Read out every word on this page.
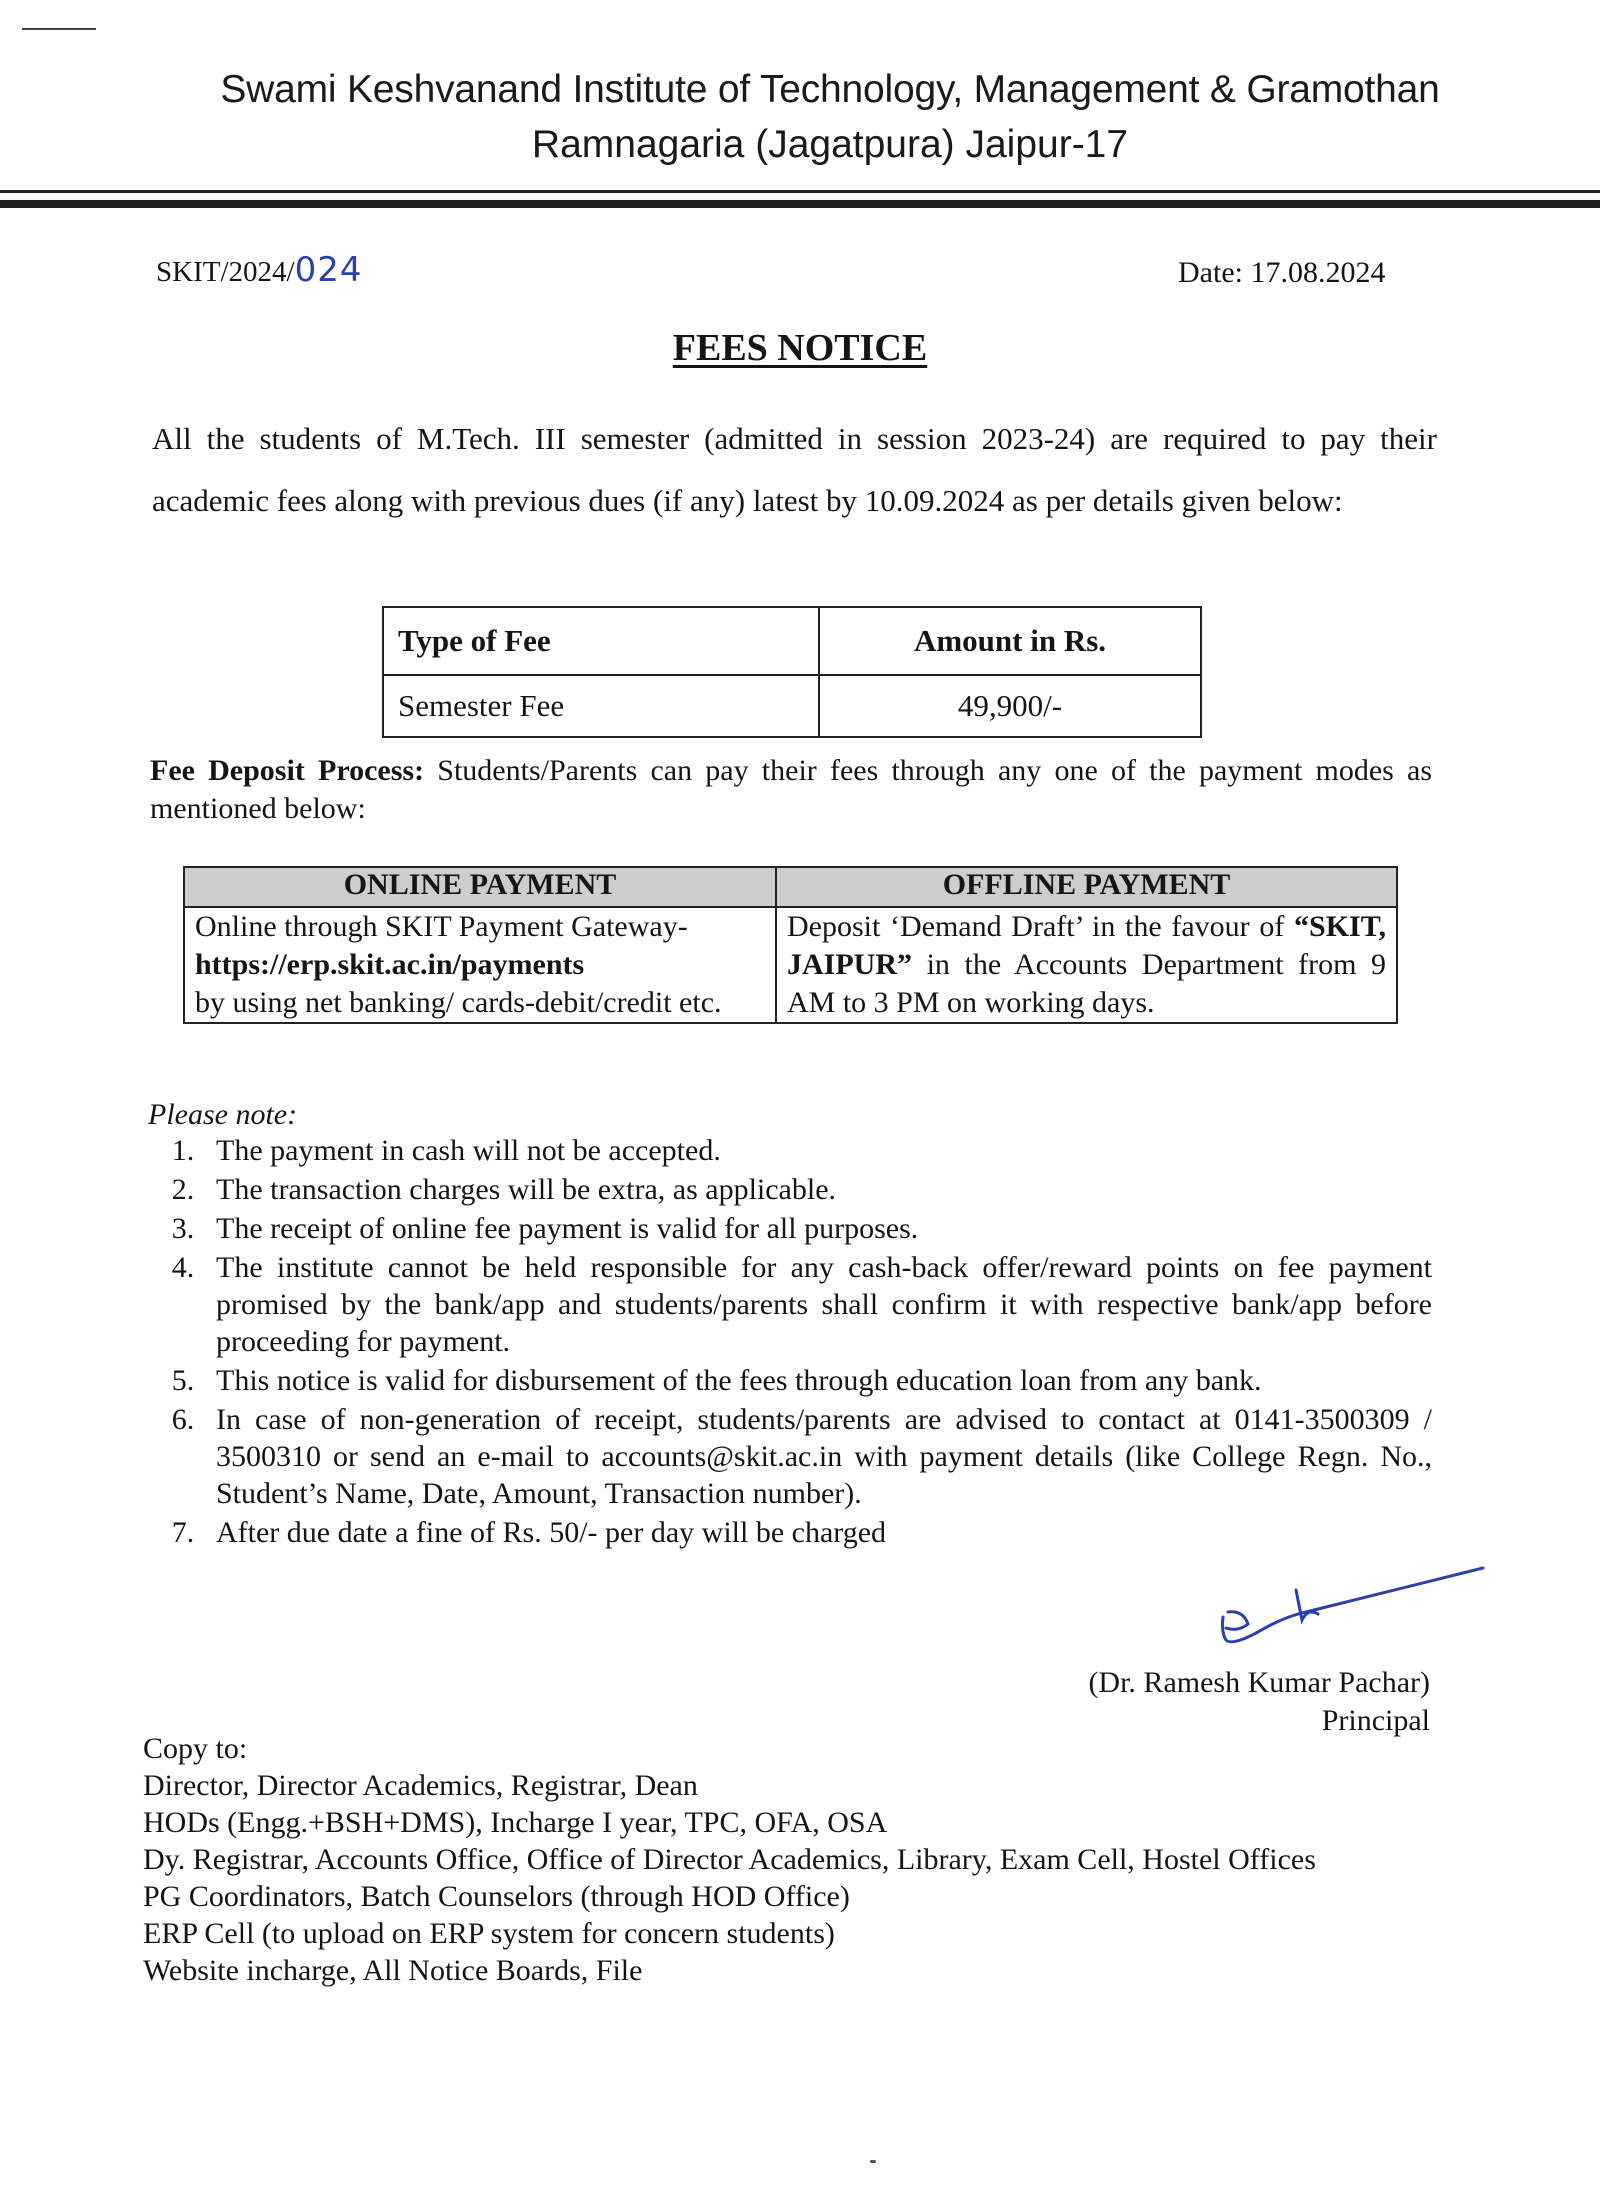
Swami Keshvanand Institute of Technology, Management & Gramothan
Ramnagaria (Jagatpura) Jaipur-17
SKIT/2024/024	Date: 17.08.2024
FEES NOTICE
All the students of M.Tech. III semester (admitted in session 2023-24) are required to pay their academic fees along with previous dues (if any) latest by 10.09.2024 as per details given below:
Type of Fee	Amount in Rs.
Semester Fee	49,900/-
Fee Deposit Process: Students/Parents can pay their fees through any one of the payment modes as mentioned below:
ONLINE PAYMENT	OFFLINE PAYMENT
Online through SKIT Payment Gateway-
https://erp.skit.ac.in/payments
by using net banking/ cards-debit/credit etc.	Deposit ‘Demand Draft’ in the favour of “SKIT, JAIPUR” in the Accounts Department from 9 AM to 3 PM on working days.
Please note:
1. The payment in cash will not be accepted.
2. The transaction charges will be extra, as applicable.
3. The receipt of online fee payment is valid for all purposes.
4. The institute cannot be held responsible for any cash-back offer/reward points on fee payment promised by the bank/app and students/parents shall confirm it with respective bank/app before proceeding for payment.
5. This notice is valid for disbursement of the fees through education loan from any bank.
6. In case of non-generation of receipt, students/parents are advised to contact at 0141-3500309 / 3500310 or send an e-mail to accounts@skit.ac.in with payment details (like College Regn. No., Student’s Name, Date, Amount, Transaction number).
7. After due date a fine of Rs. 50/- per day will be charged
(Dr. Ramesh Kumar Pachar)
Principal
Copy to:
Director, Director Academics, Registrar, Dean
HODs (Engg.+BSH+DMS), Incharge I year, TPC, OFA, OSA
Dy. Registrar, Accounts Office, Office of Director Academics, Library, Exam Cell, Hostel Offices
PG Coordinators, Batch Counselors (through HOD Office)
ERP Cell (to upload on ERP system for concern students)
Website incharge, All Notice Boards, File
